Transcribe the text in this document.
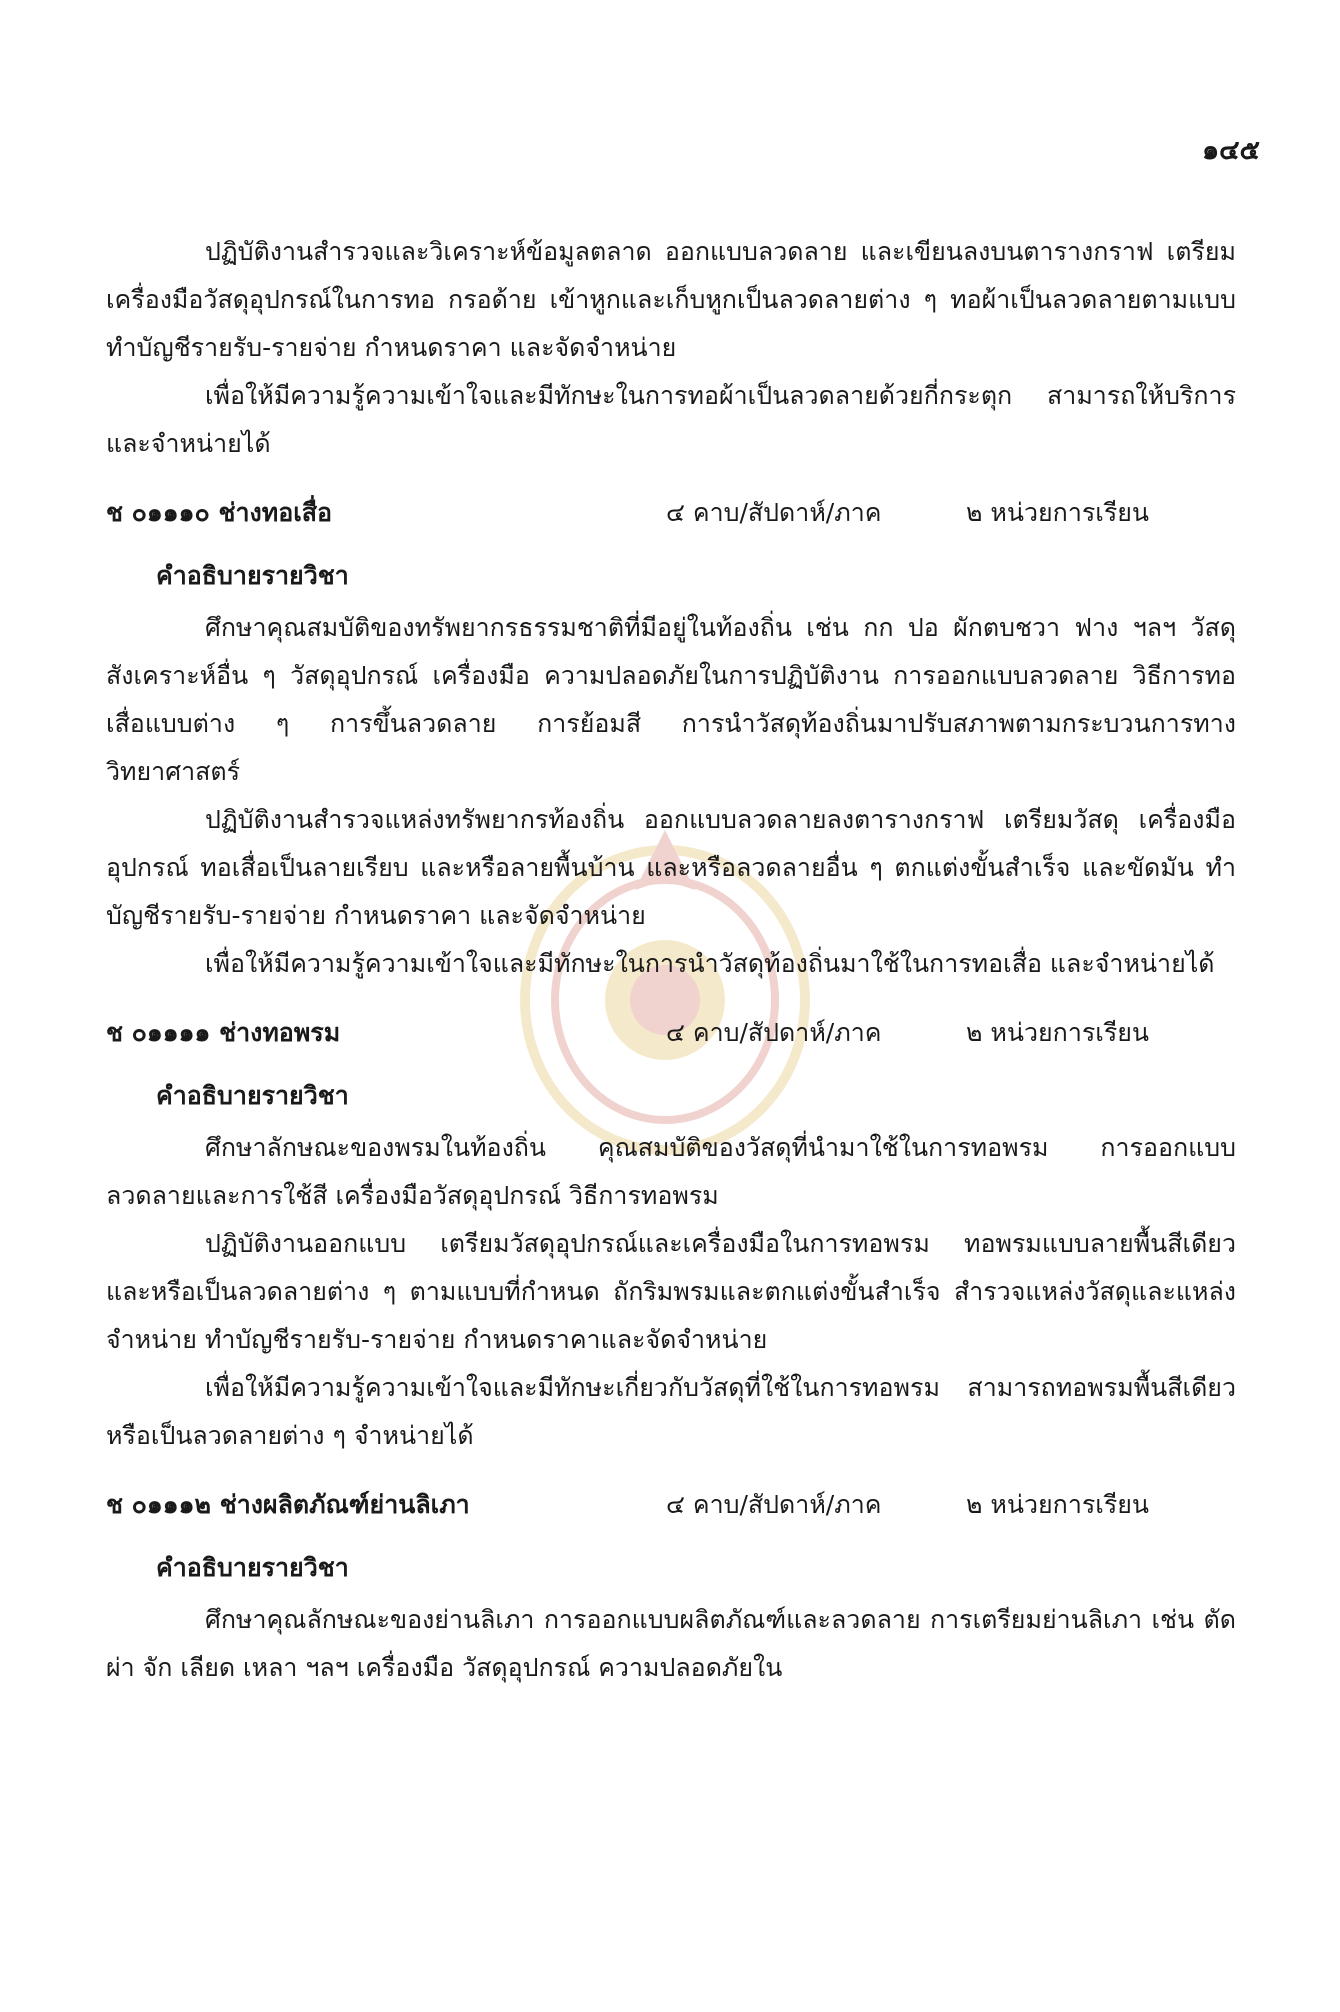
๑๔๕

ปฏิบัติงานสำรวจและวิเคราะห์ข้อมูลตลาด ออกแบบลวดลาย และเขียนลงบนตารางกราฟ เตรียมเครื่องมือวัสดุอุปกรณ์ในการทอ กรอด้าย เข้าหูกและเก็บหูกเป็นลวดลายต่าง ๆ ทอผ้าเป็นลวดลายตามแบบ ทำบัญชีรายรับ-รายจ่าย กำหนดราคา และจัดจำหน่าย

เพื่อให้มีความรู้ความเข้าใจและมีทักษะในการทอผ้าเป็นลวดลายด้วยกี่กระตุก สามารถให้บริการและจำหน่ายได้

ช ๐๑๑๑๐ ช่างทอเสื่อ	๔ คาบ/สัปดาห์/ภาค	๒ หน่วยการเรียน
คำอธิบายรายวิชา

ศึกษาคุณสมบัติของทรัพยากรธรรมชาติที่มีอยู่ในท้องถิ่น เช่น กก ปอ ผักตบชวา ฟาง ฯลฯ วัสดุสังเคราะห์อื่น ๆ วัสดุอุปกรณ์ เครื่องมือ ความปลอดภัยในการปฏิบัติงาน การออกแบบลวดลาย วิธีการทอเสื่อแบบต่าง ๆ การขึ้นลวดลาย การย้อมสี การนำวัสดุท้องถิ่นมาปรับสภาพตามกระบวนการทางวิทยาศาสตร์

ปฏิบัติงานสำรวจแหล่งทรัพยากรท้องถิ่น ออกแบบลวดลายลงตารางกราฟ เตรียมวัสดุ เครื่องมือ อุปกรณ์ ทอเสื่อเป็นลายเรียบ และหรือลายพื้นบ้าน และหรือลวดลายอื่น ๆ ตกแต่งขั้นสำเร็จ และขัดมัน ทำบัญชีรายรับ-รายจ่าย กำหนดราคา และจัดจำหน่าย

เพื่อให้มีความรู้ความเข้าใจและมีทักษะในการนำวัสดุท้องถิ่นมาใช้ในการทอเสื่อ และจำหน่ายได้

ช ๐๑๑๑๑ ช่างทอพรม	๔ คาบ/สัปดาห์/ภาค	๒ หน่วยการเรียน
คำอธิบายรายวิชา

ศึกษาลักษณะของพรมในท้องถิ่น คุณสมบัติของวัสดุที่นำมาใช้ในการทอพรม การออกแบบลวดลายและการใช้สี เครื่องมือวัสดุอุปกรณ์ วิธีการทอพรม

ปฏิบัติงานออกแบบ เตรียมวัสดุอุปกรณ์และเครื่องมือในการทอพรม ทอพรมแบบลายพื้นสีเดียว และหรือเป็นลวดลายต่าง ๆ ตามแบบที่กำหนด ถักริมพรมและตกแต่งขั้นสำเร็จ สำรวจแหล่งวัสดุและแหล่งจำหน่าย ทำบัญชีรายรับ-รายจ่าย กำหนดราคาและจัดจำหน่าย

เพื่อให้มีความรู้ความเข้าใจและมีทักษะเกี่ยวกับวัสดุที่ใช้ในการทอพรม สามารถทอพรมพื้นสีเดียวหรือเป็นลวดลายต่าง ๆ จำหน่ายได้

ช ๐๑๑๑๒ ช่างผลิตภัณฑ์ย่านลิเภา	๔ คาบ/สัปดาห์/ภาค	๒ หน่วยการเรียน
คำอธิบายรายวิชา

ศึกษาคุณลักษณะของย่านลิเภา การออกแบบผลิตภัณฑ์และลวดลาย การเตรียมย่านลิเภา เช่น ตัด ผ่า จัก เลียด เหลา ฯลฯ เครื่องมือ วัสดุอุปกรณ์ ความปลอดภัยใน
